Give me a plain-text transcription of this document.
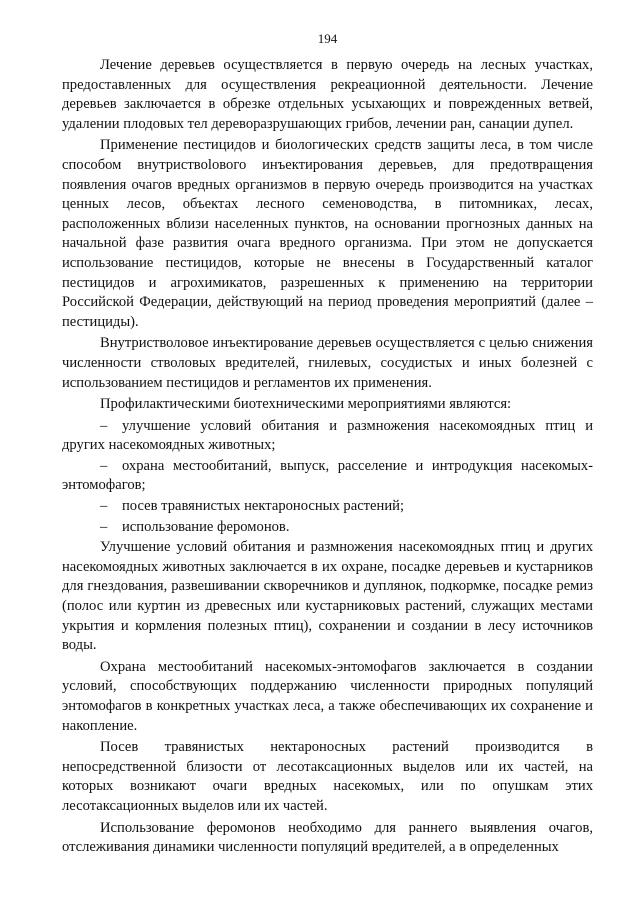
194

Лечение деревьев осуществляется в первую очередь на лесных участках, предоставленных для осуществления рекреационной деятельности. Лечение деревьев заключается в обрезке отдельных усыхающих и поврежденных ветвей, удалении плодовых тел дереворазрушающих грибов, лечении ран, санации дупел.

Применение пестицидов и биологических средств защиты леса, в том числе способом внутриствolового инъектирования деревьев, для предотвращения появления очагов вредных организмов в первую очередь производится на участках ценных лесов, объектах лесного семеноводства, в питомниках, лесах, расположенных вблизи населенных пунктов, на основании прогнозных данных на начальной фазе развития очага вредного организма. При этом не допускается использование пестицидов, которые не внесены в Государственный каталог пестицидов и агрохимикатов, разрешенных к применению на территории Российской Федерации, действующий на период проведения мероприятий (далее – пестициды).

Внутристволовое инъектирование деревьев осуществляется с целью снижения численности стволовых вредителей, гнилевых, сосудистых и иных болезней с использованием пестицидов и регламентов их применения.

Профилактическими биотехническими мероприятиями являются:

– улучшение условий обитания и размножения насекомоядных птиц и других насекомоядных животных;
– охрана местообитаний, выпуск, расселение и интродукция насекомых-энтомофагов;
– посев травянистых нектароносных растений;
– использование феромонов.

Улучшение условий обитания и размножения насекомоядных птиц и других насекомоядных животных заключается в их охране, посадке деревьев и кустарников для гнездования, развешивании скворечников и дуплянок, подкормке, посадке ремиз (полос или куртин из древесных или кустарниковых растений, служащих местами укрытия и кормления полезных птиц), сохранении и создании в лесу источников воды.

Охрана местообитаний насекомых-энтомофагов заключается в создании условий, способствующих поддержанию численности природных популяций энтомофагов в конкретных участках леса, а также обеспечивающих их сохранение и накопление.

Посев травянистых нектароносных растений производится в непосредственной близости от лесотаксационных выделов или их частей, на которых возникают очаги вредных насекомых, или по опушкам этих лесотаксационных выделов или их частей.

Использование феромонов необходимо для раннего выявления очагов, отслеживания динамики численности популяций вредителей, а в определенных
